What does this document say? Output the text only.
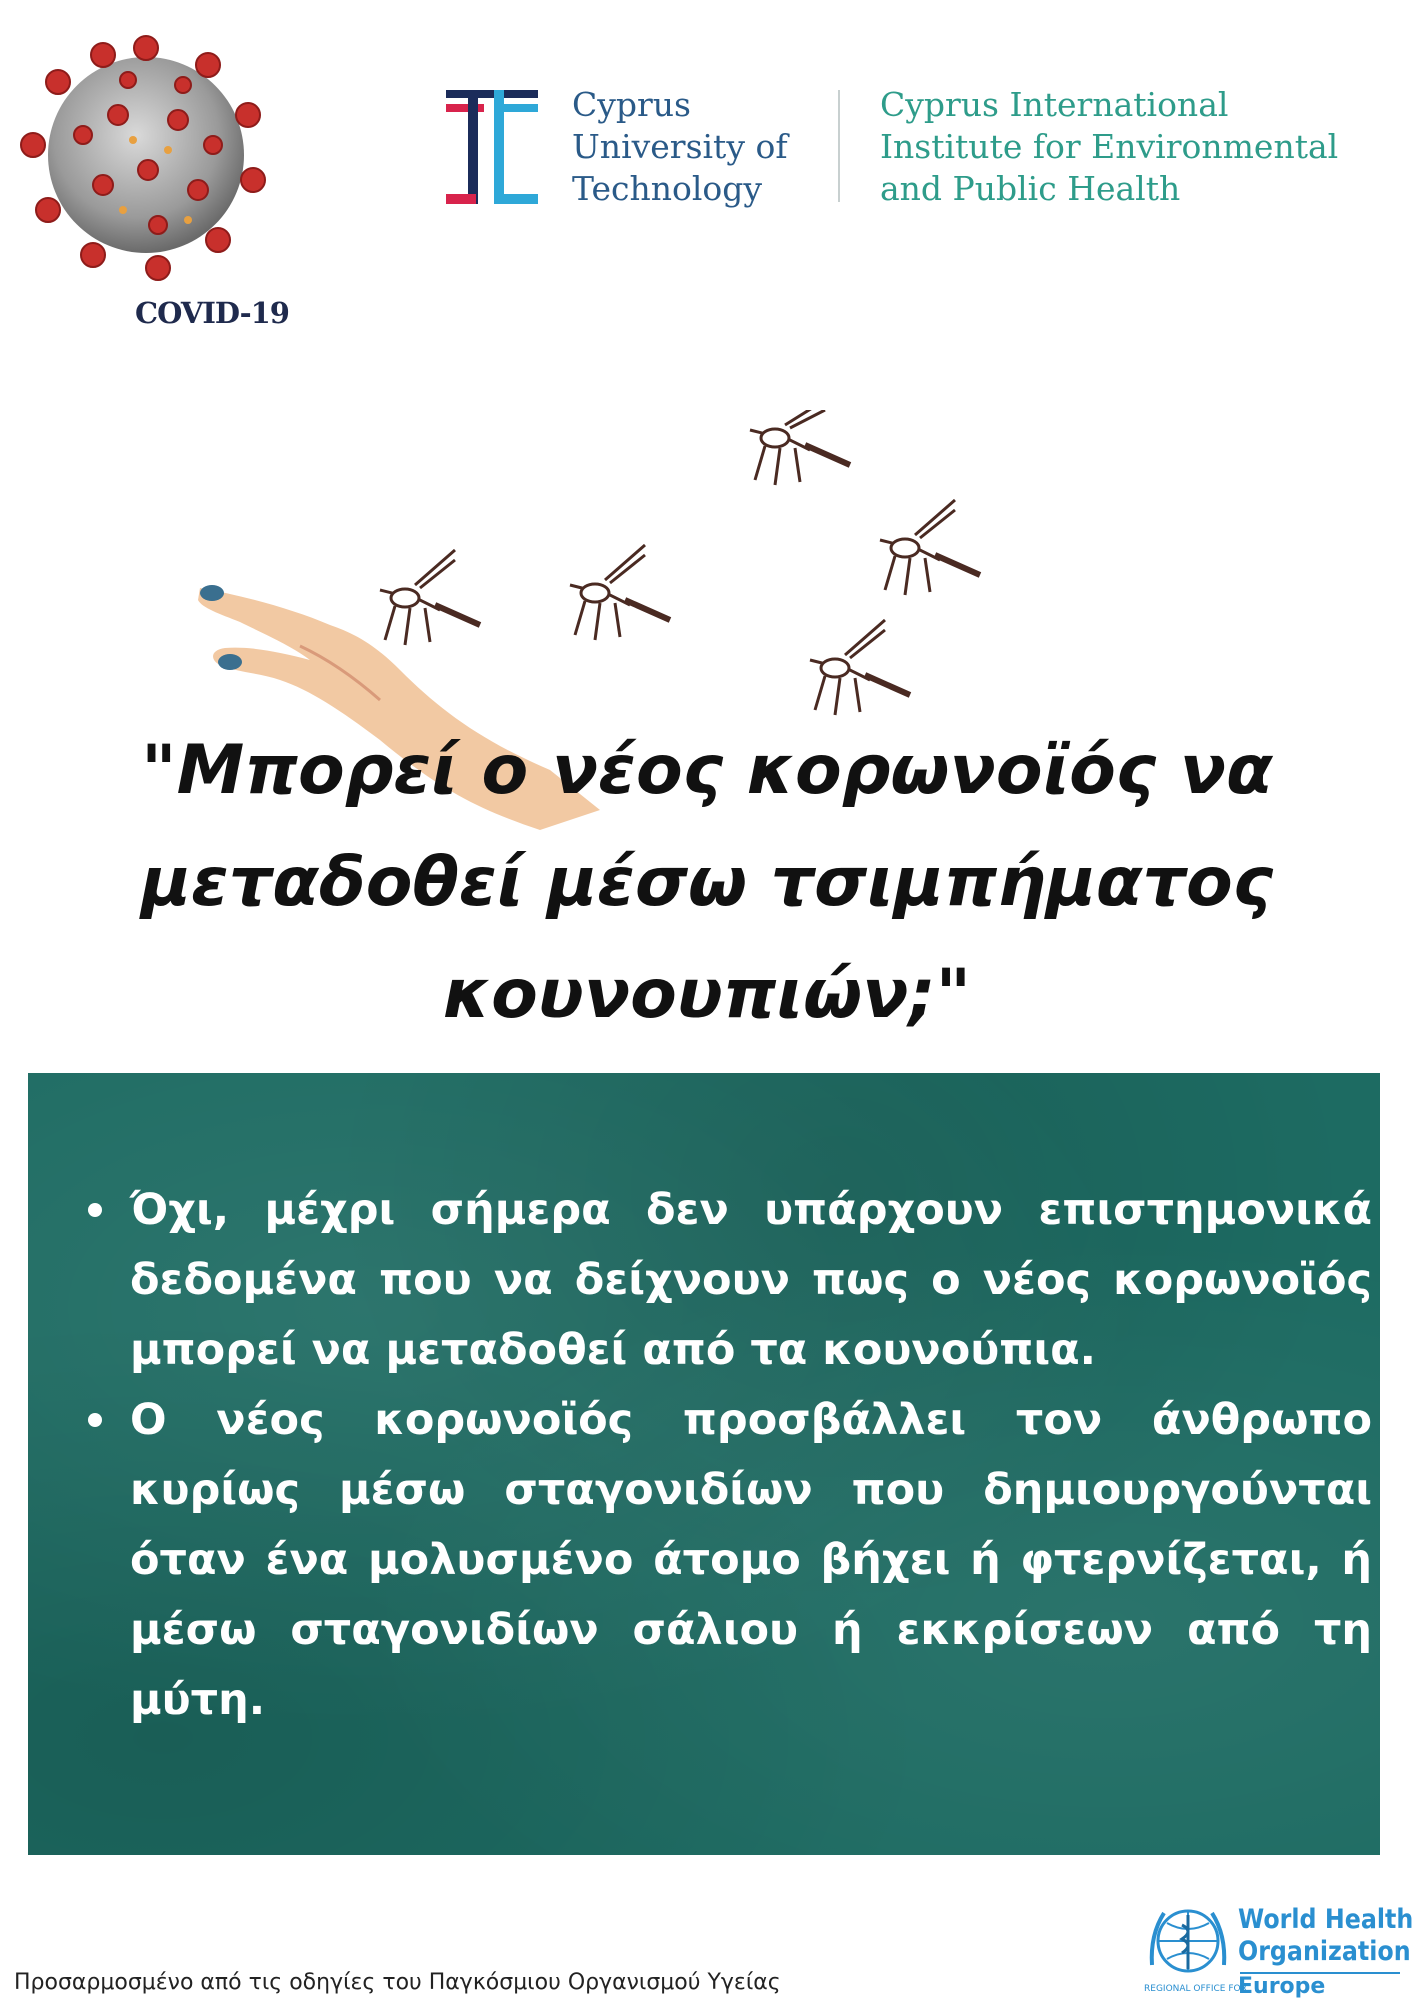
COVID-19
Cyprus
University of
Technology
Cyprus International
Institute for Environmental
and Public Health
"Μπορεί ο νέος κορωνοϊός να
μεταδοθεί μέσω τσιμπήματος
κουνουπιών;"
Όχι, μέχρι σήμερα δεν υπάρχουν επιστημονικά δεδομένα που να δείχνουν πως ο νέος κορωνοϊός μπορεί να μεταδοθεί από τα κουνούπια.
Ο νέος κορωνοϊός προσβάλλει τον άνθρωπο κυρίως μέσω σταγονιδίων που δημιουργούνται όταν ένα μολυσμένο άτομο βήχει ή φτερνίζεται, ή μέσω σταγονιδίων σάλιου ή εκκρίσεων από τη μύτη.
Προσαρμοσμένο από τις οδηγίες του Παγκόσμιου Οργανισμού Υγείας
World Health
Organization
REGIONAL OFFICE FOR
Europe
